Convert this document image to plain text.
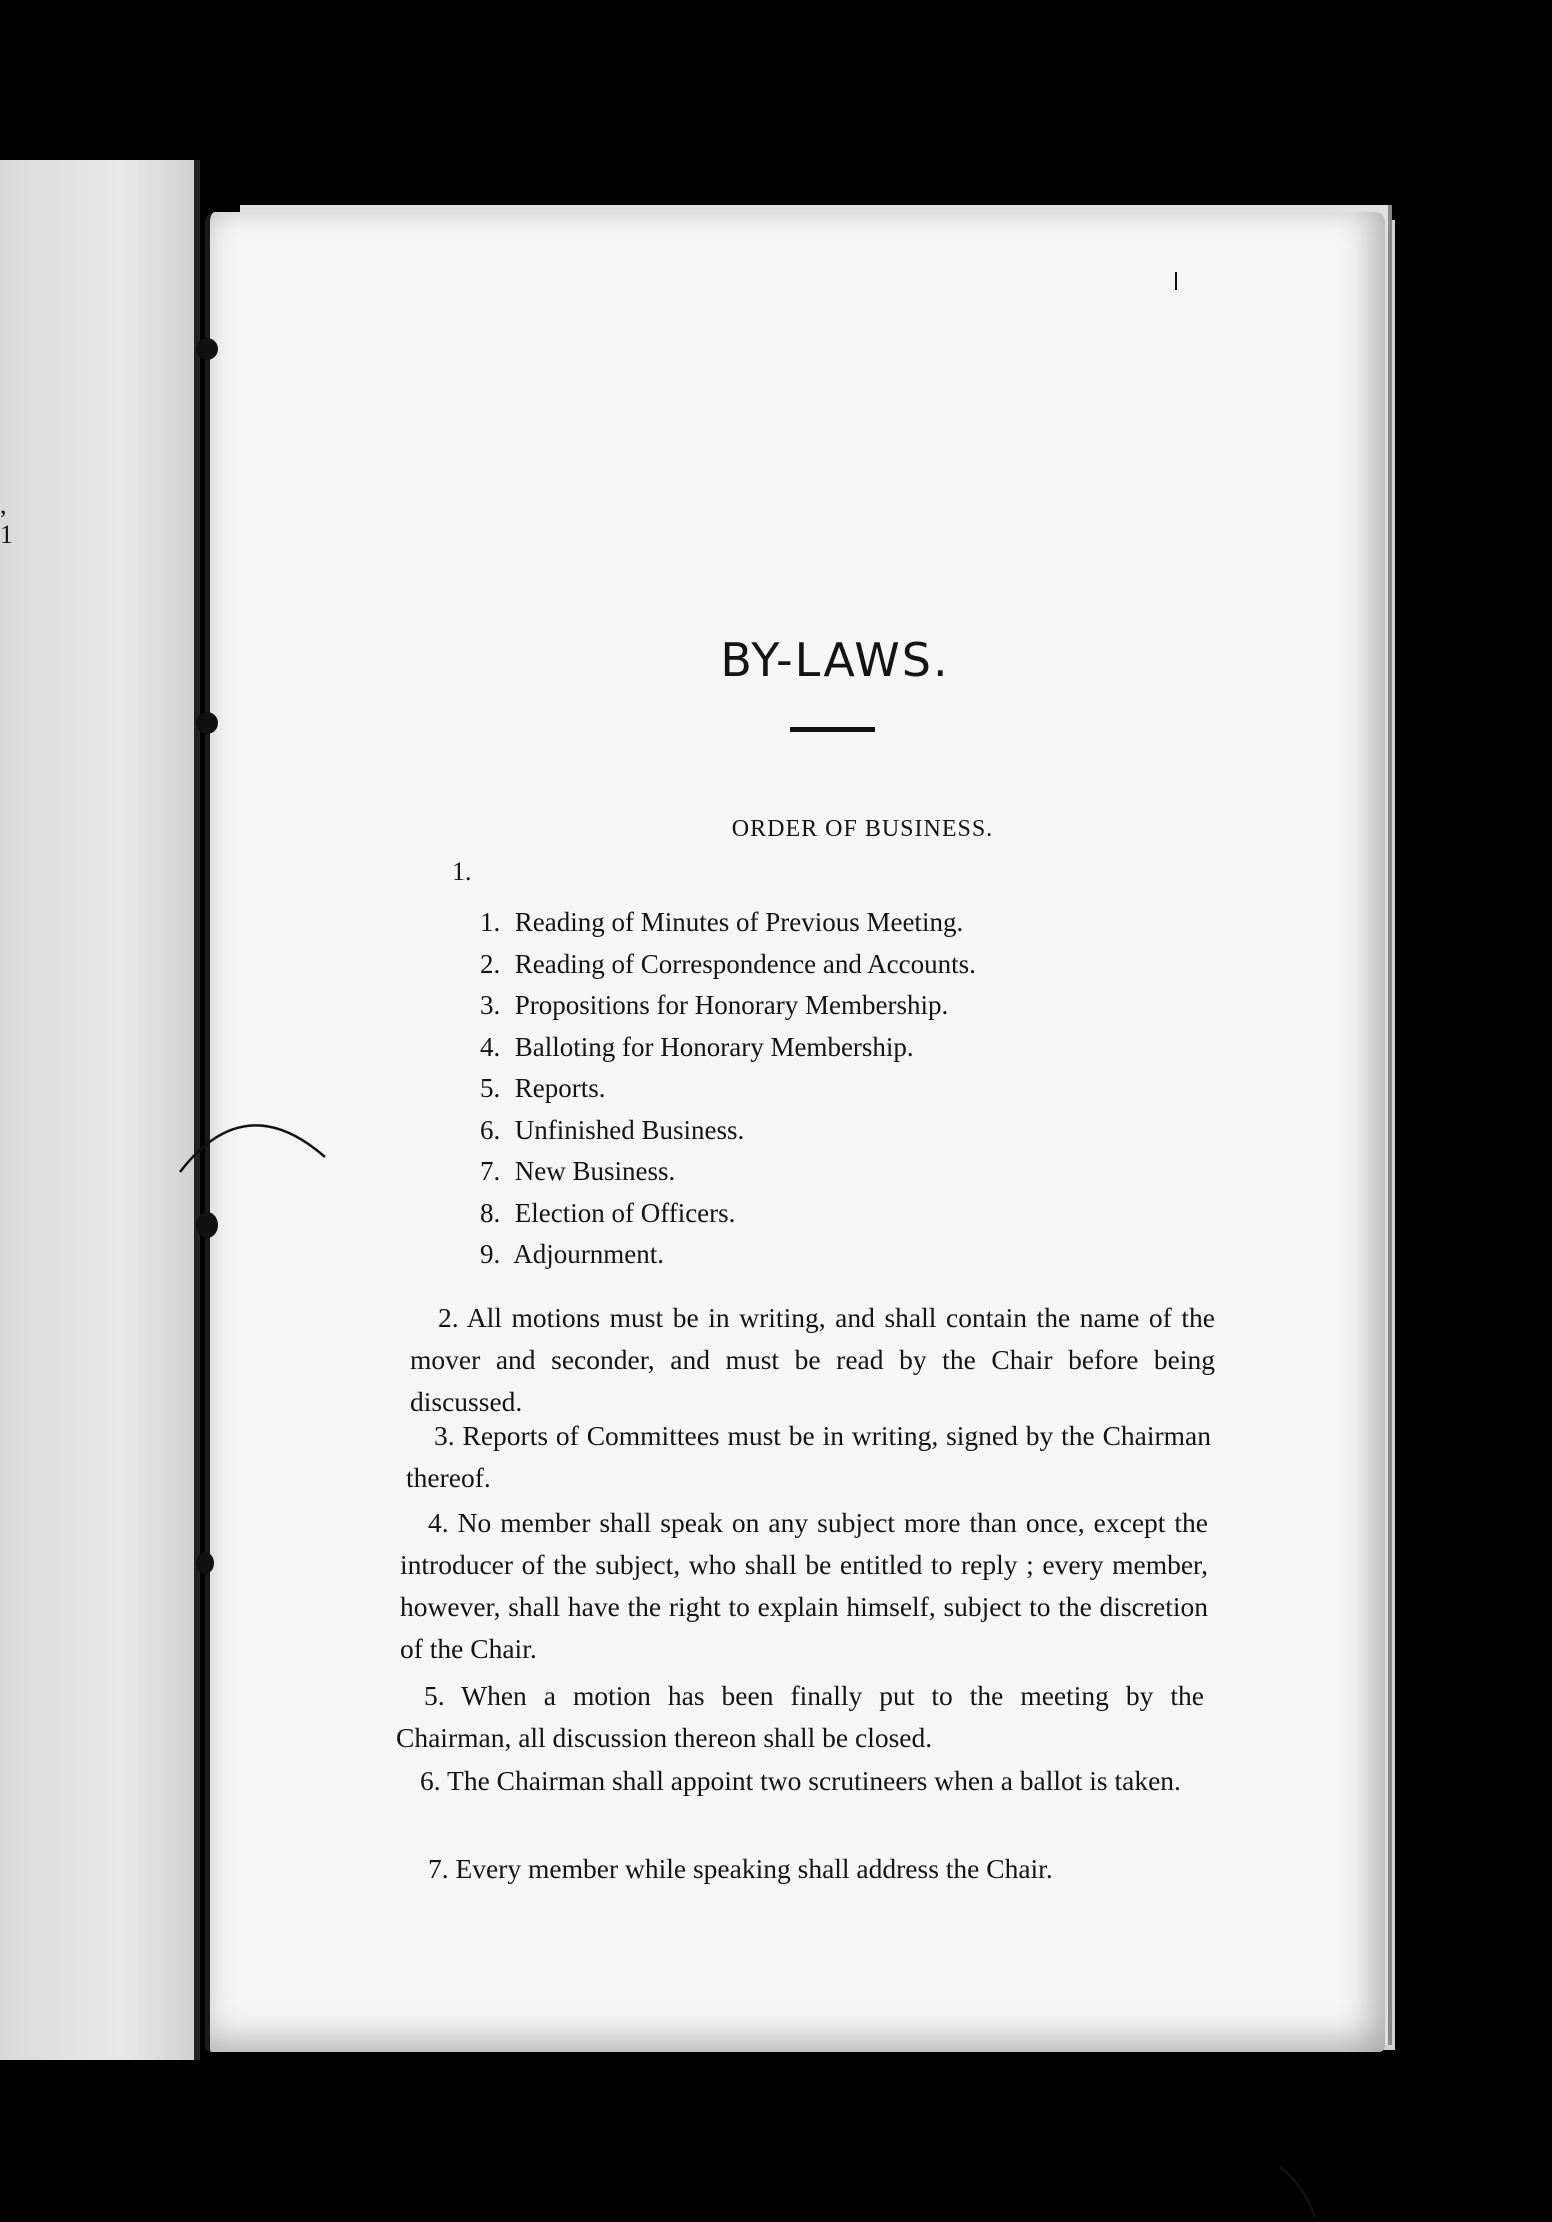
,
1
BY-LAWS.
ORDER OF BUSINESS.
1.
1. Reading of Minutes of Previous Meeting.
2. Reading of Correspondence and Accounts.
3. Propositions for Honorary Membership.
4. Balloting for Honorary Membership.
5. Reports.
6. Unfinished Business.
7. New Business.
8. Election of Officers.
9. Adjournment.

2. All motions must be in writing, and shall contain the name of the mover and seconder, and must be read by the Chair before being discussed.

3. Reports of Committees must be in writing, signed by the Chairman thereof.

4. No member shall speak on any subject more than once, except the introducer of the subject, who shall be entitled to reply ; every member, however, shall have the right to explain himself, subject to the discretion of the Chair.

5. When a motion has been finally put to the meeting by the Chairman, all discussion thereon shall be closed.

6. The Chairman shall appoint two scrutineers when a ballot is taken.

7. Every member while speaking shall address the Chair.
